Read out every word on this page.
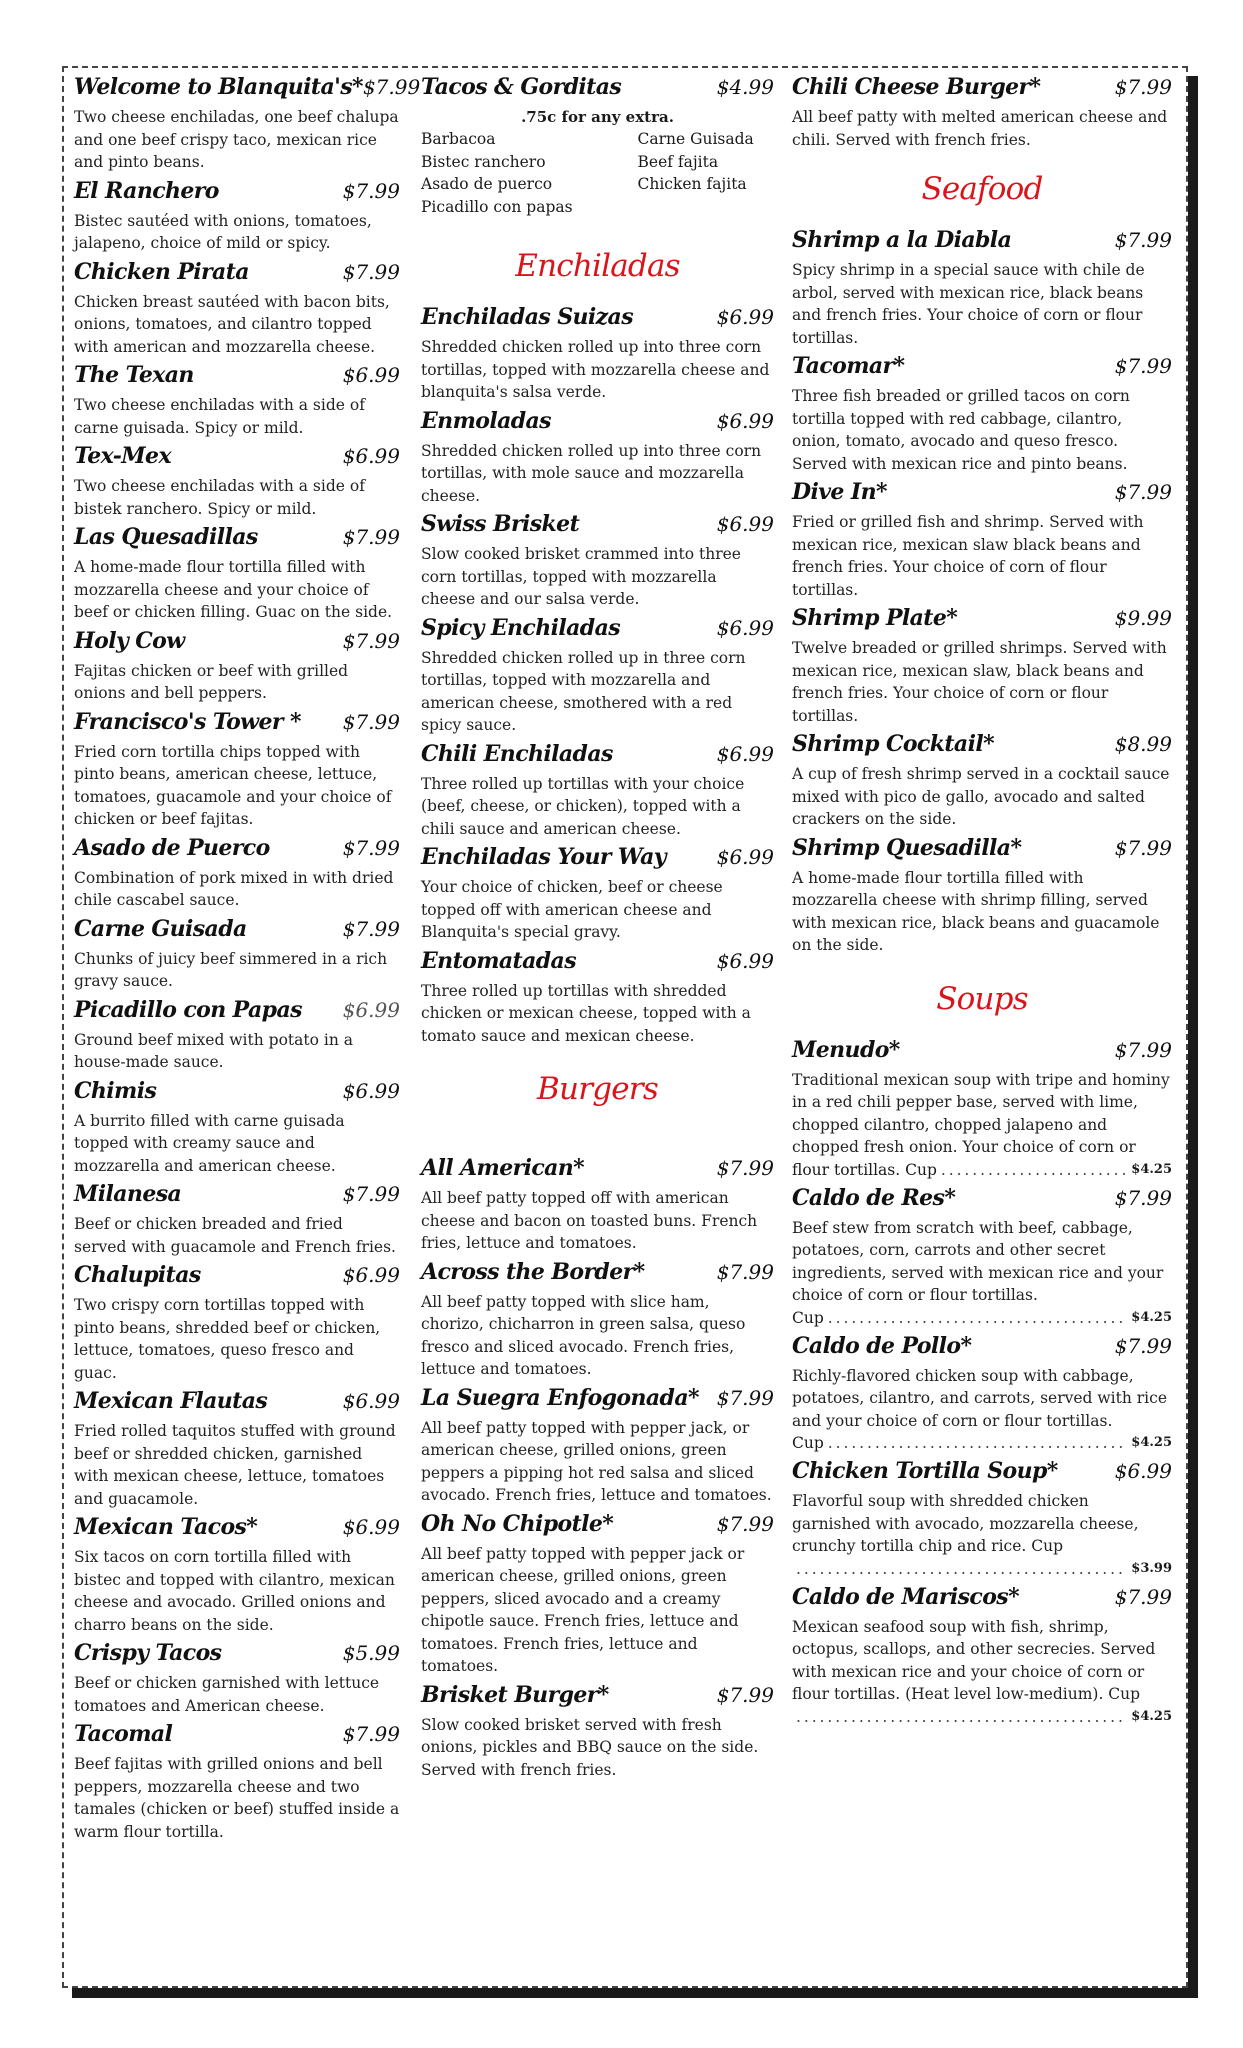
Welcome to Blanquita's* $7.99
Two cheese enchiladas, one beef chalupa and one beef crispy taco, mexican rice and pinto beans.
El Ranchero	$7.99
Bistec sautéed with onions, tomatoes, jalapeno, choice of mild or spicy.
Chicken Pirata	$7.99
Chicken breast sautéed with bacon bits, onions, tomatoes, and cilantro topped with american and mozzarella cheese.
The Texan	$6.99
Two cheese enchiladas with a side of carne guisada. Spicy or mild.
Tex-Mex	$6.99
Two cheese enchiladas with a side of bistek ranchero. Spicy or mild.
Las Quesadillas	$7.99
A home-made flour tortilla filled with mozzarella cheese and your choice of beef or chicken filling. Guac on the side.
Holy Cow	$7.99
Fajitas chicken or beef with grilled onions and bell peppers.
Francisco's Tower * $7.99
Fried corn tortilla chips topped with pinto beans, american cheese, lettuce, tomatoes, guacamole and your choice of chicken or beef fajitas.
Asado de Puerco	$7.99
Combination of pork mixed in with dried chile cascabel sauce.
Carne Guisada	$7.99
Chunks of juicy beef simmered in a rich gravy sauce.
Picadillo con Papas $6.99
Ground beef mixed with potato in a house-made sauce.
Chimis	$6.99
A burrito filled with carne guisada topped with creamy sauce and mozzarella and american cheese.
Milanesa	$7.99
Beef or chicken breaded and fried served with guacamole and French fries.
Chalupitas	$6.99
Two crispy corn tortillas topped with pinto beans, shredded beef or chicken, lettuce, tomatoes, queso fresco and guac.
Mexican Flautas	$6.99
Fried rolled taquitos stuffed with ground beef or shredded chicken, garnished with mexican cheese, lettuce, tomatoes and guacamole.
Mexican Tacos*	$6.99
Six tacos on corn tortilla filled with bistec and topped with cilantro, mexican cheese and avocado. Grilled onions and charro beans on the side.
Crispy Tacos	$5.99
Beef or chicken garnished with lettuce tomatoes and American cheese.
Tacomal	$7.99
Beef fajitas with grilled onions and bell peppers, mozzarella cheese and two tamales (chicken or beef) stuffed inside a warm flour tortilla.
Tacos & Gorditas	$4.99
.75c for any extra.
Barbacoa	Carne Guisada
Bistec ranchero	Beef fajita
Asado de puerco	Chicken fajita
Picadillo con papas
Enchiladas
Enchiladas Suizas	$6.99
Shredded chicken rolled up into three corn tortillas, topped with mozzarella cheese and blanquita's salsa verde.
Enmoladas	$6.99
Shredded chicken rolled up into three corn tortillas, with mole sauce and mozzarella cheese.
Swiss Brisket	$6.99
Slow cooked brisket crammed into three corn tortillas, topped with mozzarella cheese and our salsa verde.
Spicy Enchiladas	$6.99
Shredded chicken rolled up in three corn tortillas, topped with mozzarella and american cheese, smothered with a red spicy sauce.
Chili Enchiladas	$6.99
Three rolled up tortillas with your choice (beef, cheese, or chicken), topped with a chili sauce and american cheese.
Enchiladas Your Way	$6.99
Your choice of chicken, beef or cheese topped off with american cheese and Blanquita's special gravy.
Entomatadas	$6.99
Three rolled up tortillas with shredded chicken or mexican cheese, topped with a tomato sauce and mexican cheese.
Burgers
All American*	$7.99
All beef patty topped off with american cheese and bacon on toasted buns. French fries, lettuce and tomatoes.
Across the Border*	$7.99
All beef patty topped with slice ham, chorizo, chicharron in green salsa, queso fresco and sliced avocado. French fries, lettuce and tomatoes.
La Suegra Enfogonada* $7.99
All beef patty topped with pepper jack, or american cheese, grilled onions, green peppers a pipping hot red salsa and sliced avocado. French fries, lettuce and tomatoes.
Oh No Chipotle*	$7.99
All beef patty topped with pepper jack or american cheese, grilled onions, green peppers, sliced avocado and a creamy chipotle sauce. French fries, lettuce and tomatoes. French fries, lettuce and tomatoes.
Brisket Burger*	$7.99
Slow cooked brisket served with fresh onions, pickles and BBQ sauce on the side. Served with french fries.
Chili Cheese Burger*	$7.99
All beef patty with melted american cheese and chili. Served with french fries.
Seafood
Shrimp a la Diabla	$7.99
Spicy shrimp in a special sauce with chile de arbol, served with mexican rice, black beans and french fries. Your choice of corn or flour tortillas.
Tacomar*	$7.99
Three fish breaded or grilled tacos on corn tortilla topped with red cabbage, cilantro, onion, tomato, avocado and queso fresco. Served with mexican rice and pinto beans.
Dive In*	$7.99
Fried or grilled fish and shrimp. Served with mexican rice, mexican slaw black beans and french fries. Your choice of corn of flour tortillas.
Shrimp Plate*	$9.99
Twelve breaded or grilled shrimps. Served with mexican rice, mexican slaw, black beans and french fries. Your choice of corn or flour tortillas.
Shrimp Cocktail*	$8.99
A cup of fresh shrimp served in a cocktail sauce mixed with pico de gallo, avocado and salted crackers on the side.
Shrimp Quesadilla*	$7.99
A home-made flour tortilla filled with mozzarella cheese with shrimp filling, served with mexican rice, black beans and guacamole on the side.
Soups
Menudo*	$7.99
Traditional mexican soup with tripe and hominy in a red chili pepper base, served with lime, chopped cilantro, chopped jalapeno and chopped fresh onion. Your choice of corn or
flour tortillas. Cup . . .	$4.25
Caldo de Res*	$7.99
Beef stew from scratch with beef, cabbage, potatoes, corn, carrots and other secret ingredients, served with mexican rice and your choice of corn or flour tortillas.
Cup . . .	$4.25
Caldo de Pollo*	$7.99
Richly-flavored chicken soup with cabbage, potatoes, cilantro, and carrots, served with rice and your choice of corn or flour tortillas.
Cup . . .	$4.25
Chicken Tortilla Soup*	$6.99
Flavorful soup with shredded chicken garnished with avocado, mozzarella cheese, crunchy tortilla chip and rice. Cup
. . .
$3.99
Caldo de Mariscos*	$7.99
Mexican seafood soup with fish, shrimp, octopus, scallops, and other secrecies. Served with mexican rice and your choice of corn or flour tortillas. (Heat level low-medium). Cup
. . .
$4.25
